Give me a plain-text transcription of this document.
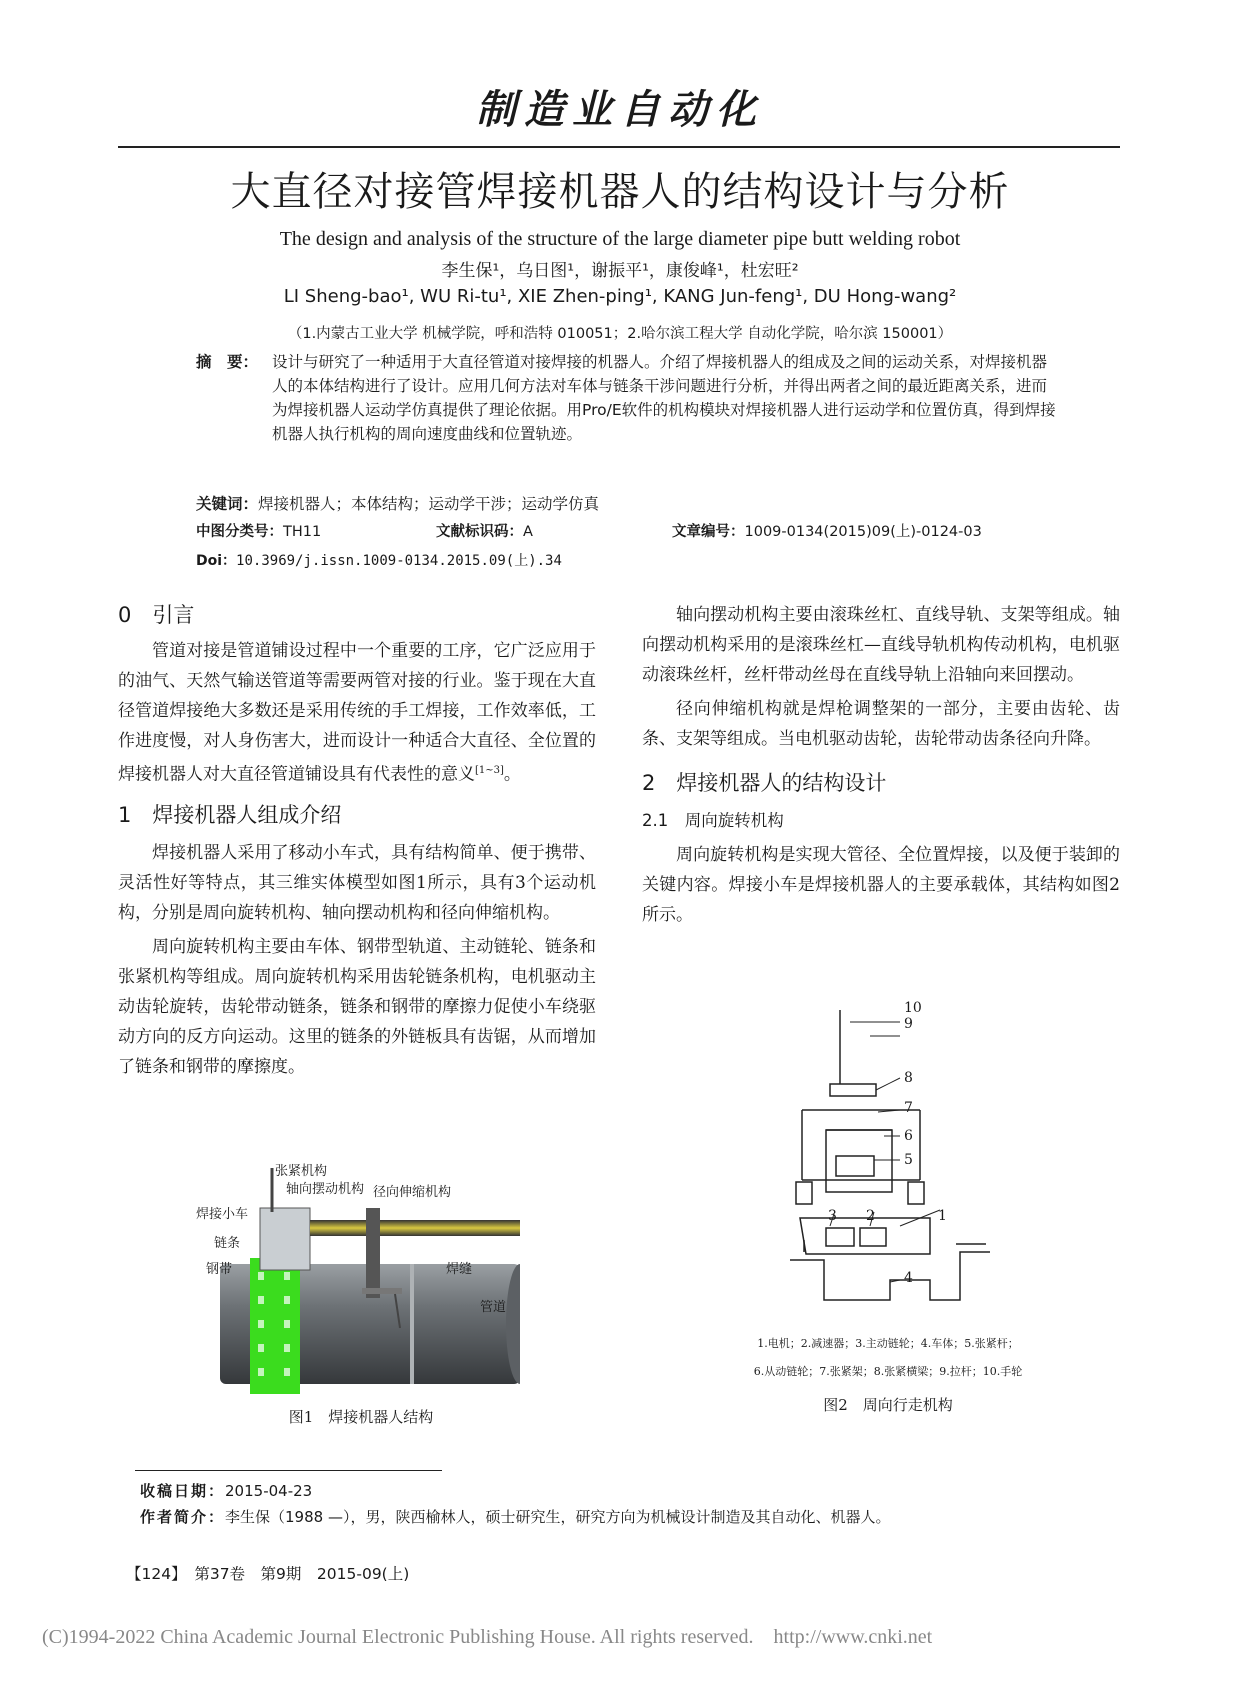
制造业自动化
大直径对接管焊接机器人的结构设计与分析
The design and analysis of the structure of the large diameter pipe butt welding robot
李生保¹，乌日图¹，谢振平¹，康俊峰¹，杜宏旺²
LI Sheng-bao¹, WU Ri-tu¹, XIE Zhen-ping¹, KANG Jun-feng¹, DU Hong-wang²
（1.内蒙古工业大学 机械学院，呼和浩特 010051；2.哈尔滨工程大学 自动化学院，哈尔滨 150001）
摘　要： 设计与研究了一种适用于大直径管道对接焊接的机器人。介绍了焊接机器人的组成及之间的运动关系，对焊接机器人的本体结构进行了设计。应用几何方法对车体与链条干涉问题进行分析，并得出两者之间的最近距离关系，进而为焊接机器人运动学仿真提供了理论依据。用Pro/E软件的机构模块对焊接机器人进行运动学和位置仿真，得到焊接机器人执行机构的周向速度曲线和位置轨迹。
关键词：焊接机器人；本体结构；运动学干涉；运动学仿真
中图分类号：TH11	文献标识码：A	文章编号：1009-0134(2015)09(上)-0124-03
Doi：10.3969/j.issn.1009-0134.2015.09(上).34
0　引言

管道对接是管道铺设过程中一个重要的工序，它广泛应用于的油气、天然气输送管道等需要两管对接的行业。鉴于现在大直径管道焊接绝大多数还是采用传统的手工焊接，工作效率低，工作进度慢，对人身伤害大，进而设计一种适合大直径、全位置的焊接机器人对大直径管道铺设具有代表性的意义[1~3]。

1　焊接机器人组成介绍

焊接机器人采用了移动小车式，具有结构简单、便于携带、灵活性好等特点，其三维实体模型如图1所示，具有3个运动机构，分别是周向旋转机构、轴向摆动机构和径向伸缩机构。

周向旋转机构主要由车体、钢带型轨道、主动链轮、链条和张紧机构等组成。周向旋转机构采用齿轮链条机构，电机驱动主动齿轮旋转，齿轮带动链条，链条和钢带的摩擦力促使小车绕驱动方向的反方向运动。这里的链条的外链板具有齿锯，从而增加了链条和钢带的摩擦度。

张紧机构
轴向摆动机构 径向伸缩机构
焊接小车
链条
钢带	焊缝
管道
图1　焊接机器人结构

轴向摆动机构主要由滚珠丝杠、直线导轨、支架等组成。轴向摆动机构采用的是滚珠丝杠—直线导轨机构传动机构，电机驱动滚珠丝杆，丝杆带动丝母在直线导轨上沿轴向来回摆动。

径向伸缩机构就是焊枪调整架的一部分，主要由齿轮、齿条、支架等组成。当电机驱动齿轮，齿轮带动齿条径向升降。

2　焊接机器人的结构设计
2.1　周向旋转机构

周向旋转机构是实现大管径、全位置焊接，以及便于装卸的关键内容。焊接小车是焊接机器人的主要承载体，其结构如图2所示。

10
9
8
7
6
5
3 2	1
4
1.电机；2.减速器；3.主动链轮；4.车体；5.张紧杆；
6.从动链轮；7.张紧架；8.张紧横梁；9.拉杆；10.手轮
图2　周向行走机构
收稿日期：2015-04-23
作者简介：李生保（1988 —），男，陕西榆林人，硕士研究生，研究方向为机械设计制造及其自动化、机器人。
【124】　第37卷　第9期　2015-09(上)
(C)1994-2022 China Academic Journal Electronic Publishing House. All rights reserved.　http://www.cnki.net
